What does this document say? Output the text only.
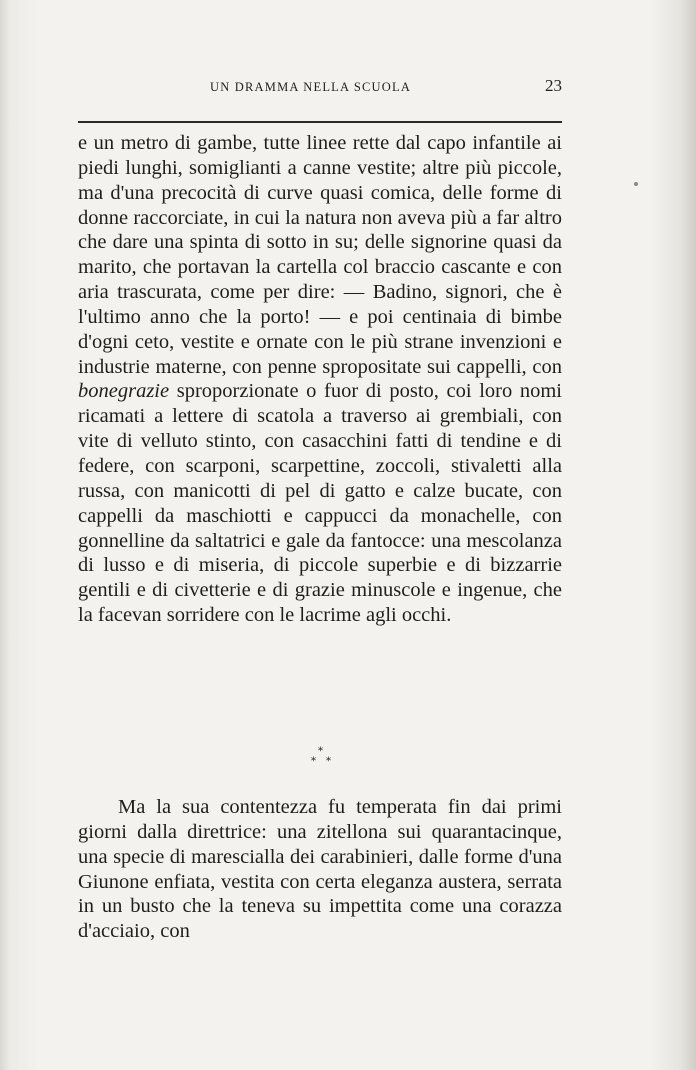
UN DRAMMA NELLA SCUOLA	23
e un metro di gambe, tutte linee rette dal capo infantile ai piedi lunghi, somiglianti a canne vestite; altre più piccole, ma d'una precocità di curve quasi comica, delle forme di donne raccorciate, in cui la natura non aveva più a far altro che dare una spinta di sotto in su; delle signorine quasi da marito, che portavan la cartella col braccio cascante e con aria trascurata, come per dire: — Badino, signori, che è l'ultimo anno che la porto! — e poi centinaia di bimbe d'ogni ceto, vestite e ornate con le più strane invenzioni e industrie materne, con penne spropositate sui cappelli, con bonegrazie sproporzionate o fuor di posto, coi loro nomi ricamati a lettere di scatola a traverso ai grembiali, con vite di velluto stinto, con casacchini fatti di tendine e di federe, con scarponi, scarpettine, zoccoli, stivaletti alla russa, con manicotti di pel di gatto e calze bucate, con cappelli da maschiotti e cappucci da monachelle, con gonnelline da saltatrici e gale da fantocce: una mescolanza di lusso e di miseria, di piccole superbie e di bizzarrie gentili e di civetterie e di grazie minuscole e ingenue, che la facevan sorridere con le lacrime agli occhi.
*
* *
Ma la sua contentezza fu temperata fin dai primi giorni dalla direttrice: una zitellona sui quarantacinque, una specie di marescialla dei carabinieri, dalle forme d'una Giunone enfiata, vestita con certa eleganza austera, serrata in un busto che la teneva su impettita come una corazza d'acciaio, con
